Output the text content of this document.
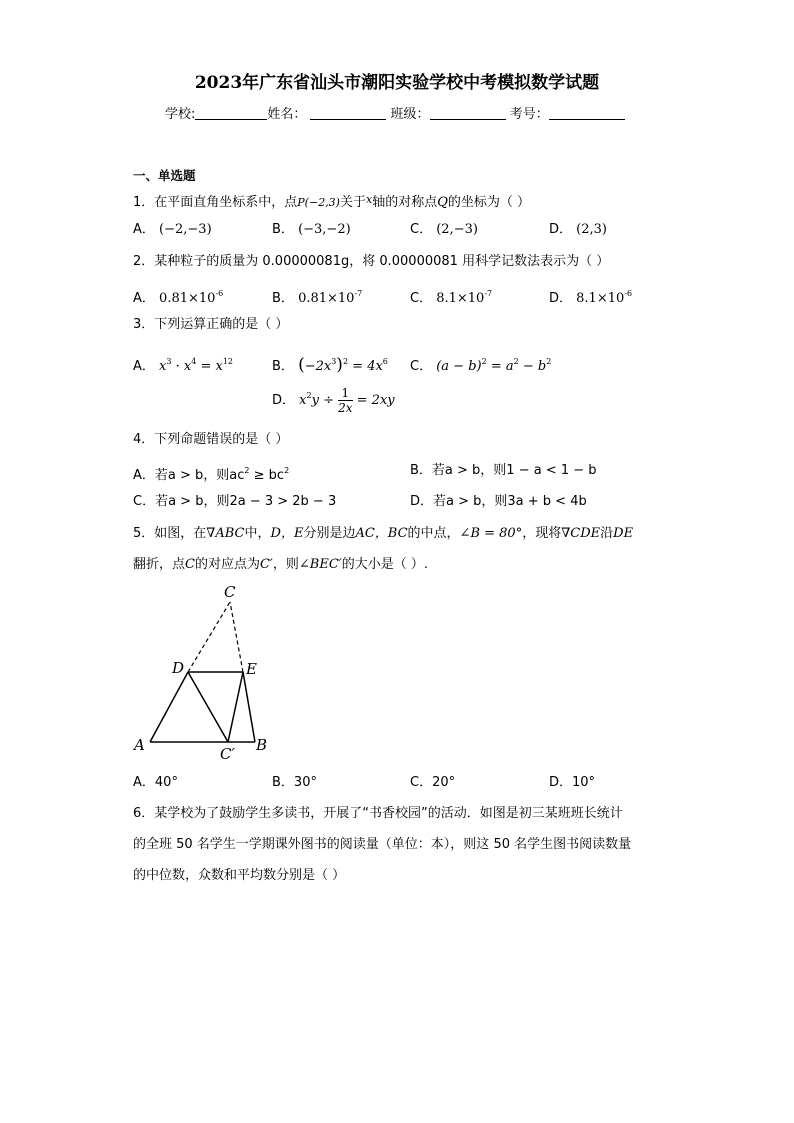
2023年广东省汕头市潮阳实验学校中考模拟数学试题
学校:	姓名：	班级：	考号：
一、单选题
1．在平面直角坐标系中，点P(−2,3)关于$^x$轴的对称点Q的坐标为（ ）
A． (−2,−3)	B． (−3,−2)	C． (2,−3)	D． (2,3)
2．某种粒子的质量为 0.00000081g，将 0.00000081 用科学记数法表示为（ ）
A． $0.81\times 10^{-6}$	B． $0.81\times 10^{-7}$	C． $8.1\times 10^{-7}$	D． $8.1\times 10^{-6}$
3．下列运算正确的是（ ）
A． $x^3 \cdot x^4 = x^{12}$	B． $(-2x^3)^2 = 4x^6$ C． $(a - b)^2 = a^2 - b^2$
D． $x^2y \div \frac{1}{2x} = 2xy$
4．下列命题错误的是（ ）
A．若a > b，则$ac^2 \ge bc^2$	B．若a > b，则1 − a < 1 − b
C．若a > b，则2a − 3 > 2b − 3	D．若a > b，则3a + b < 4b
5．如图，在∇ABC中，D，E分别是边AC，BC的中点，∠B = 80°，现将∇CDE沿DE
翻折，点C的对应点为C′，则∠BEC′的大小是（ ）.
C
D	E
A	C′ B
A．40°	B．30°	C．20°	D．10°
6．某学校为了鼓励学生多读书，开展了“书香校园”的活动．如图是初三某班班长统计
的全班 50 名学生一学期课外图书的阅读量（单位：本），则这 50 名学生图书阅读数量
的中位数，众数和平均数分别是（ ）
